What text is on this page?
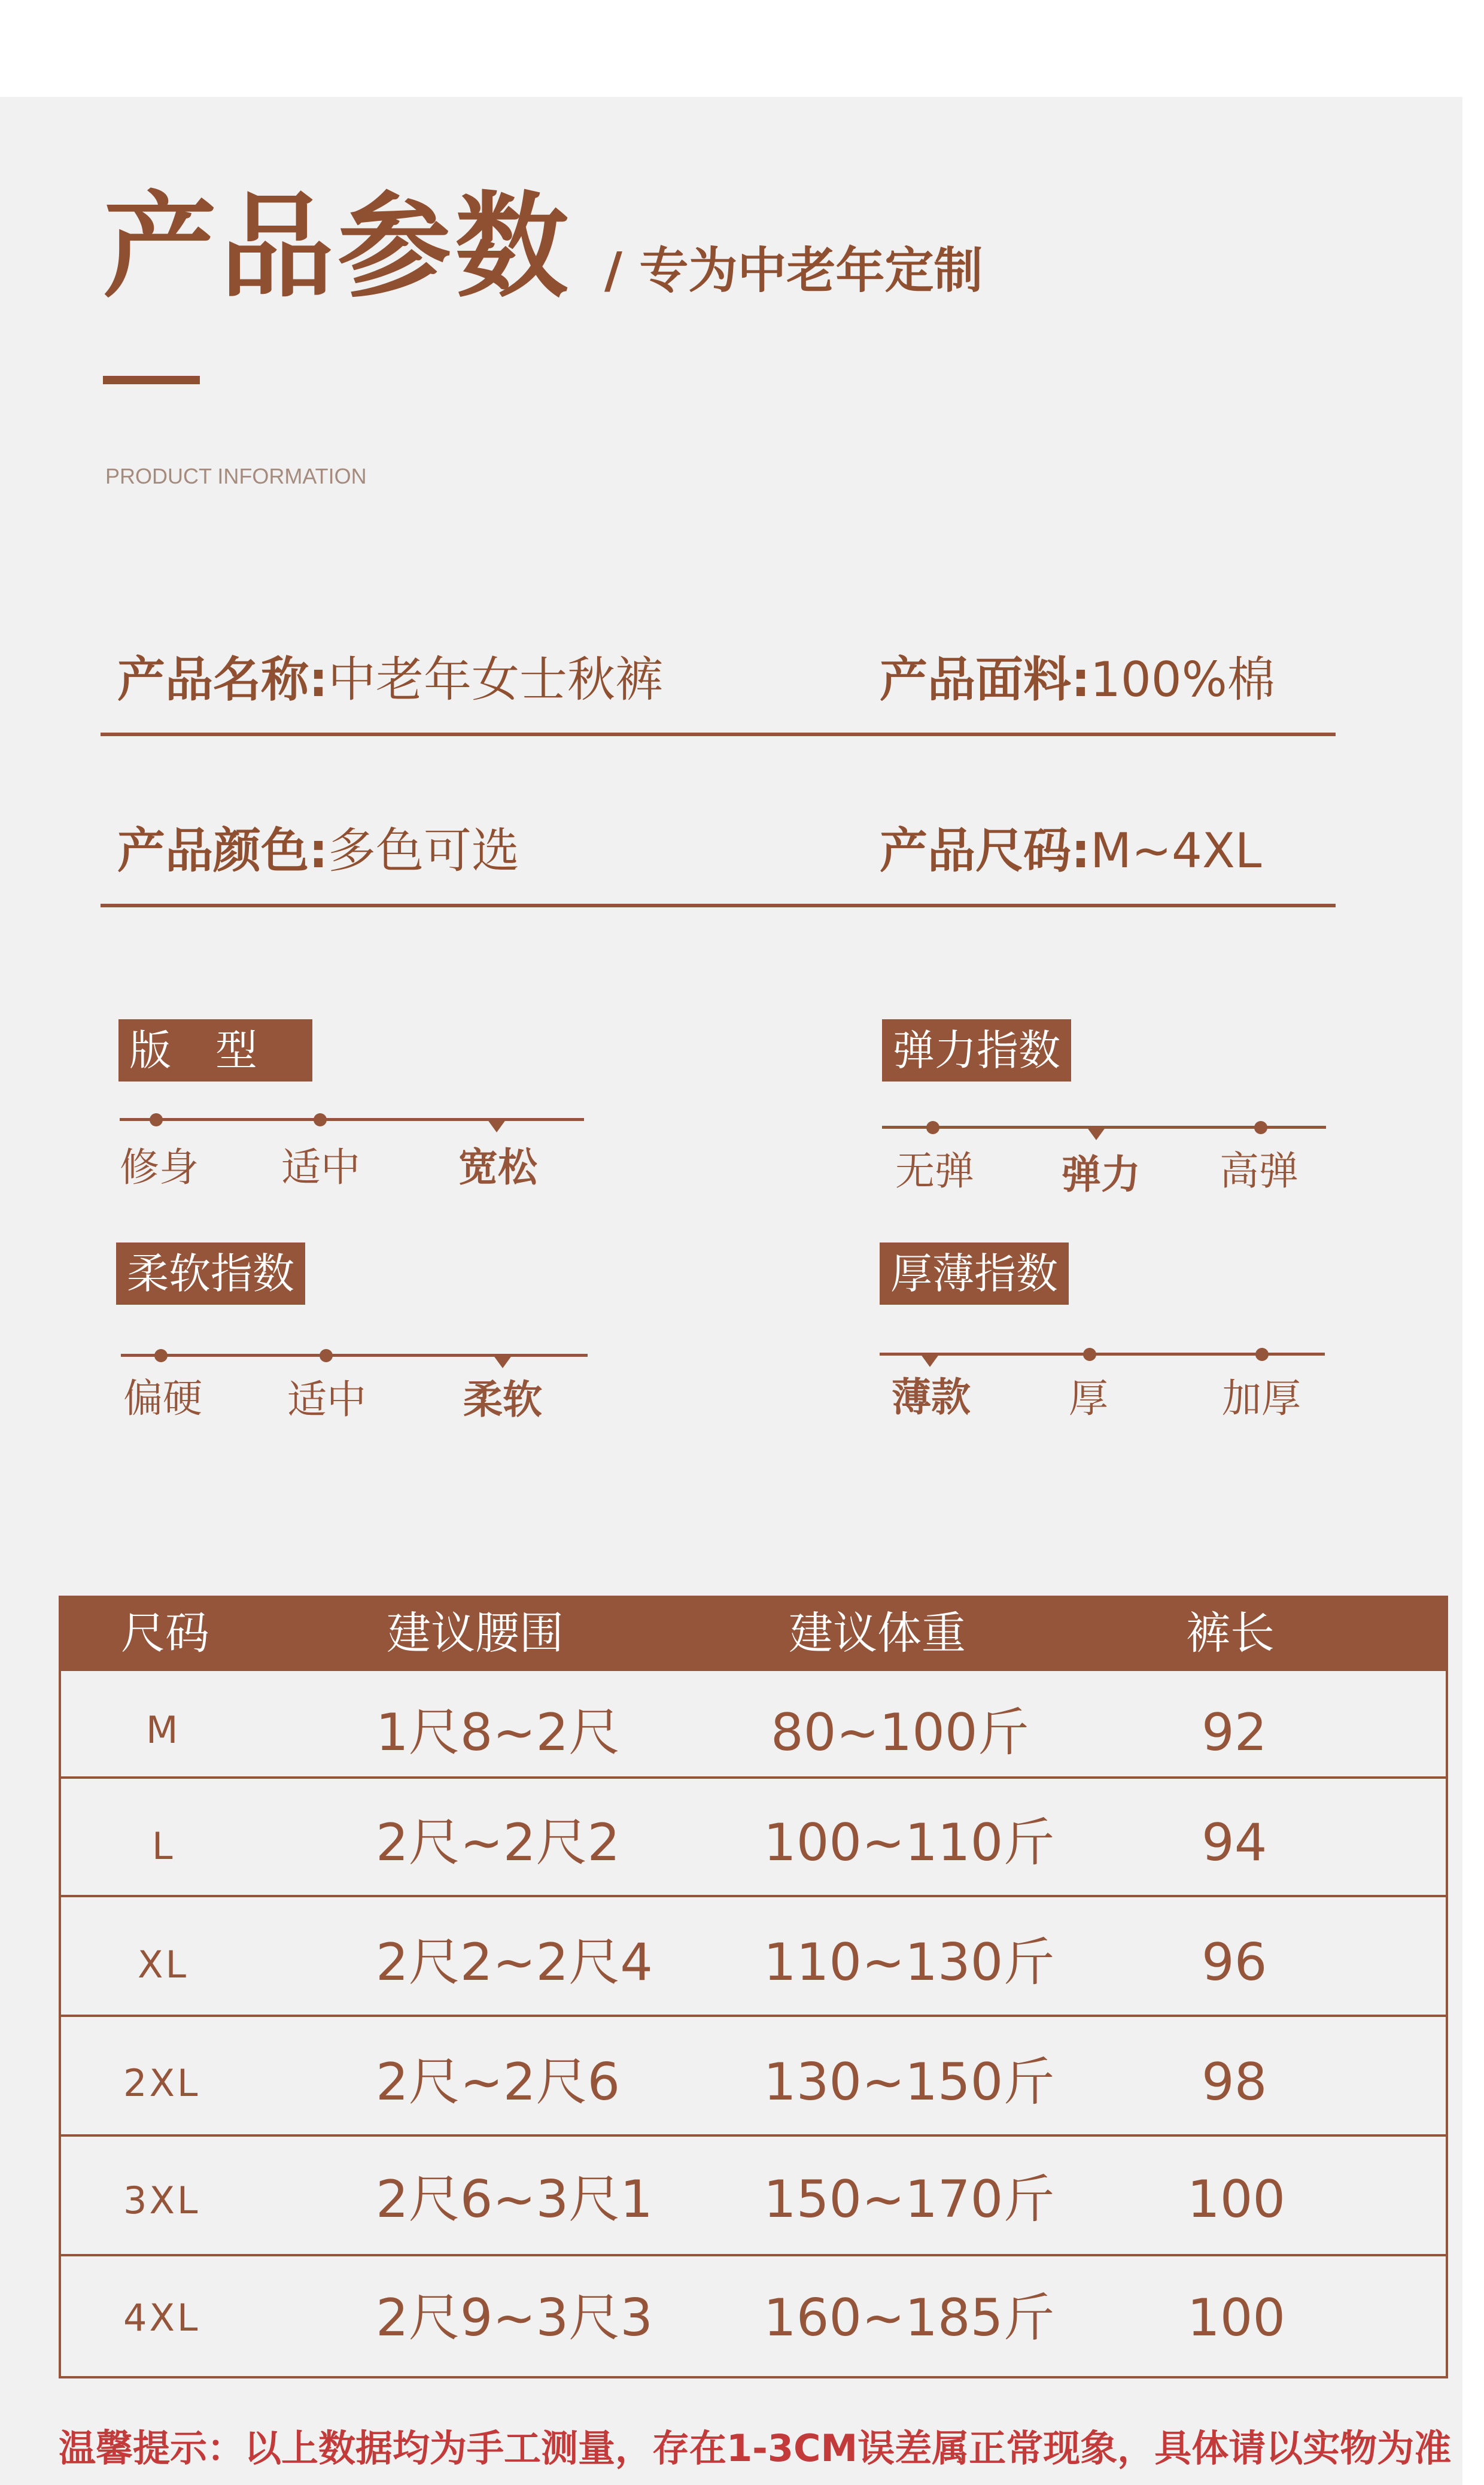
产品参数 / 专为中老年定制
PRODUCT INFORMATION
产品名称:中老年女士秋裤	产品面料:100%棉
产品颜色:多色可选	产品尺码:M~4XL
版型
修身 适中 宽松
弹力指数
无弹 弹力 高弹
柔软指数
偏硬 适中 柔软
厚薄指数
薄款 厚	加厚
尺码	建议腰围	建议体重	裤长
M	1尺8~2尺	80~100斤	92
L	2尺~2尺2	100~110斤	94
XL	2尺2~2尺4 110~130斤	96
2XL	2尺~2尺6	130~150斤	98
3XL	2尺6~3尺1 150~170斤	100
4XL	2尺9~3尺3 160~185斤	100
温馨提示：以上数据均为手工测量，存在1-3CM误差属正常现象，具体请以实物为准
